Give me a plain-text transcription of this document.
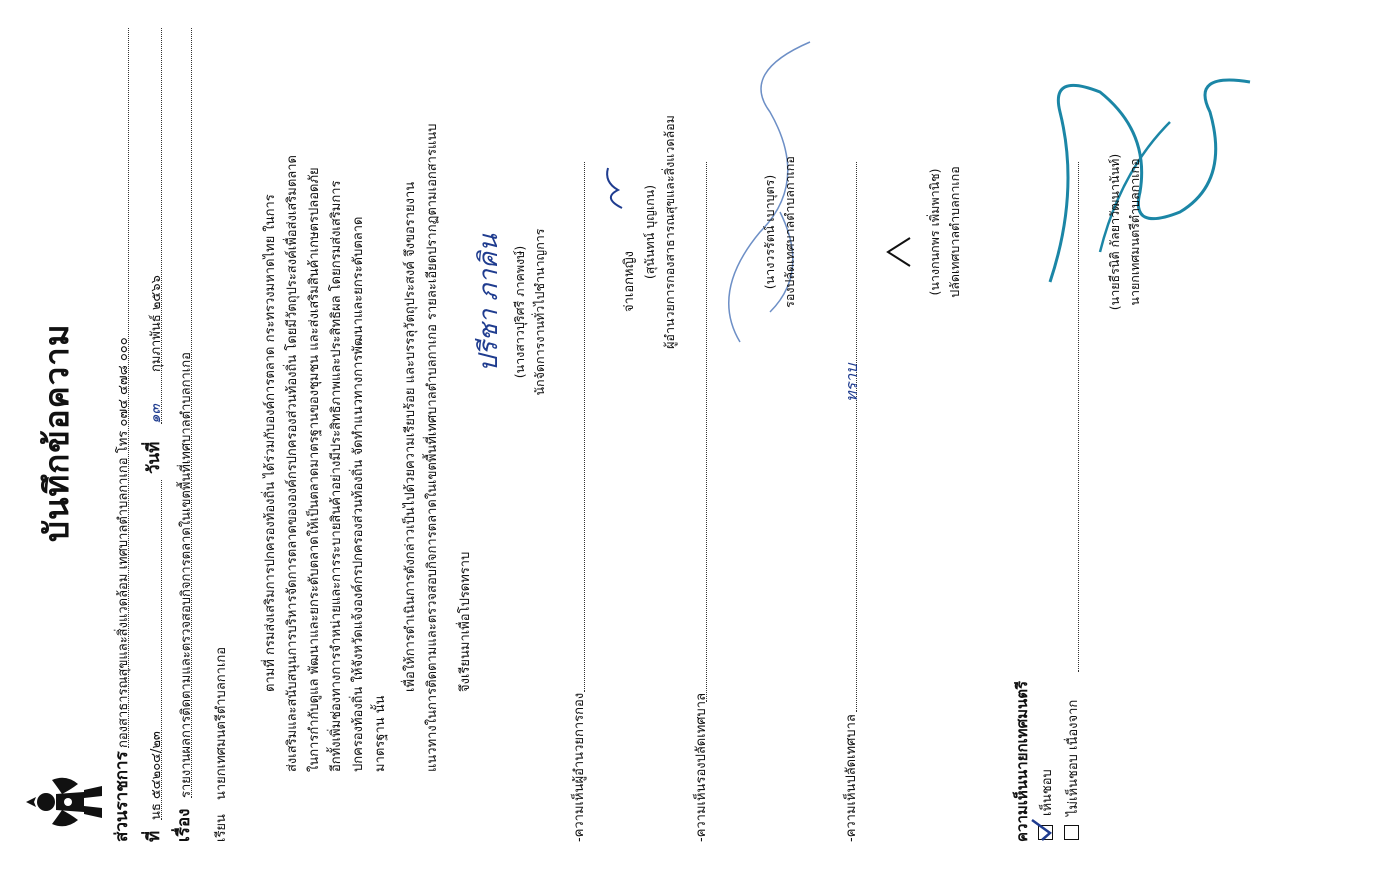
บันทึกข้อความ
ส่วนราชการ
กองสาธารณสุขและสิ่งแวดล้อม เทศบาลตำบลกาเกอ โทร ๐๗๔ ๔๗๘ ๐๐๐
ที่
นธ ๕๔๒๐๔/๒๓
วันที่
๑๓
กุมภาพันธ์ ๒๕๖๖
เรื่อง
รายงานผลการติดตามและตรวจสอบกิจการตลาดในเขตพื้นที่เทศบาลตำบลกาเกอ
เรียน
นายกเทศมนตรีตำบลกาเกอ
ตามที่ กรมส่งเสริมการปกครองท้องถิ่น ได้ร่วมกับองค์การตลาด กระทรวงมหาดไทย ในการ ส่งเสริมและสนับสนุนการบริหารจัดการตลาดขององค์กรปกครองส่วนท้องถิ่น โดยมีวัตถุประสงค์เพื่อส่งเสริมตลาด ในการกำกับดูแล พัฒนาและยกระดับตลาดให้เป็นตลาดมาตรฐานของชุมชน และส่งเสริมสินค้าเกษตรปลอดภัย อีกทั้งเพิ่มช่องทางการจำหน่ายและการระบายสินค้าอย่างมีประสิทธิภาพและประสิทธิผล โดยกรมส่งเสริมการ ปกครองท้องถิ่น ให้จังหวัดแจ้งองค์กรปกครองส่วนท้องถิ่น จัดทำแนวทางการพัฒนาและยกระดับตลาด มาตรฐาน นั้น
เพื่อให้การดำเนินการดังกล่าวเป็นไปด้วยความเรียบร้อย และบรรลุวัตถุประสงค์ จึงขอรายงาน แนวทางในการติดตามและตรวจสอบกิจการตลาดในเขตพื้นที่เทศบาลตำบลกาเกอ รายละเอียดปรากฏตามเอกสารแนบ	จึงเรียนมาเพื่อโปรดทราบ
ปรีชา ภาคิน (นางสาวปุริศรี ภาคพงษ์) นักจัดการงานทั่วไปชำนาญการ
-ความเห็นผู้อำนวยการกอง
จ่าเอกหญิง
(สุนันทน์ บุญเกน) ผู้อำนวยการกองสาธารณสุขและสิ่งแวดล้อม
-ความเห็นรองปลัดเทศบาล
(นางวรรัตน์ เบาบุตร) รองปลัดเทศบาลตำบลกาเกอ
-ความเห็นปลัดเทศบาล
ทราบ
(นางกนกพร เพิ่มพานิช) ปลัดเทศบาลตำบลกาเกอ
ความเห็นนายกเทศมนตรี เห็นชอบ ไม่เห็นชอบ เนื่องจาก
(นายธีรนิติ กัลยาวัฒนานันท์) นายกเทศมนตรีตำบลกาเกอ
